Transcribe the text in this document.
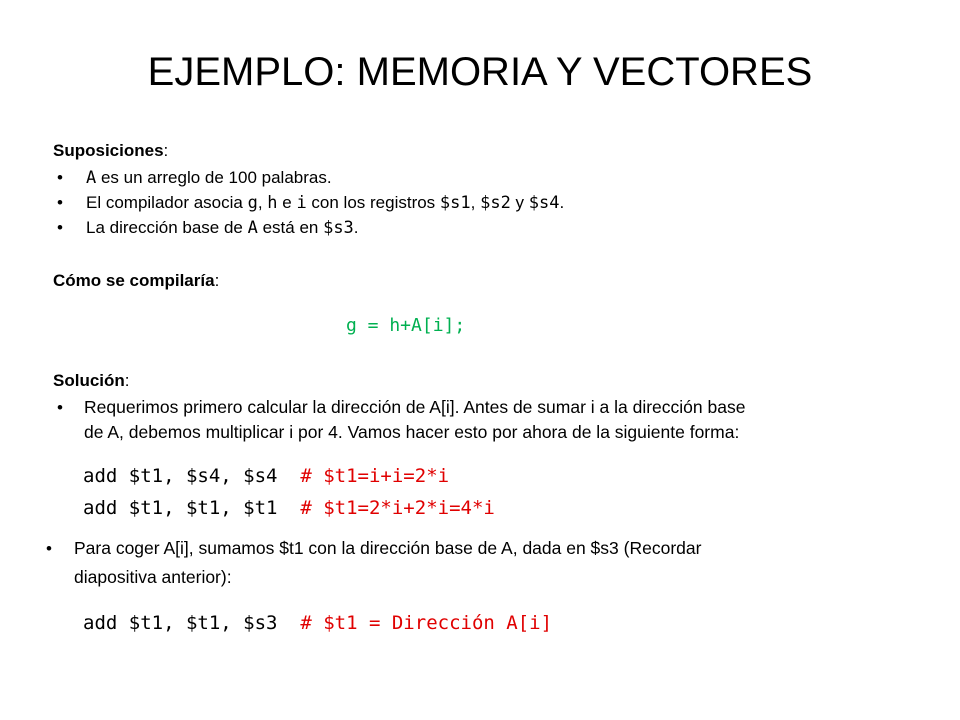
EJEMPLO: MEMORIA Y VECTORES
Suposiciones:
• A es un arreglo de 100 palabras.
• El compilador asocia g, h e i con los registros $s1, $s2 y $s4.
• La dirección base de A está en $s3.
Cómo se compilaría:
g = h+A[i];
Solución:
• Requerimos primero calcular la dirección de A[i]. Antes de sumar i a la dirección base
de A, debemos multiplicar i por 4. Vamos hacer esto por ahora de la siguiente forma:
add $t1, $s4, $s4 # $t1=i+i=2*i
add $t1, $t1, $t1 # $t1=2*i+2*i=4*i
• Para coger A[i], sumamos $t1 con la dirección base de A, dada en $s3 (Recordar
diapositiva anterior):
add $t1, $t1, $s3 # $t1 = Dirección A[i]
